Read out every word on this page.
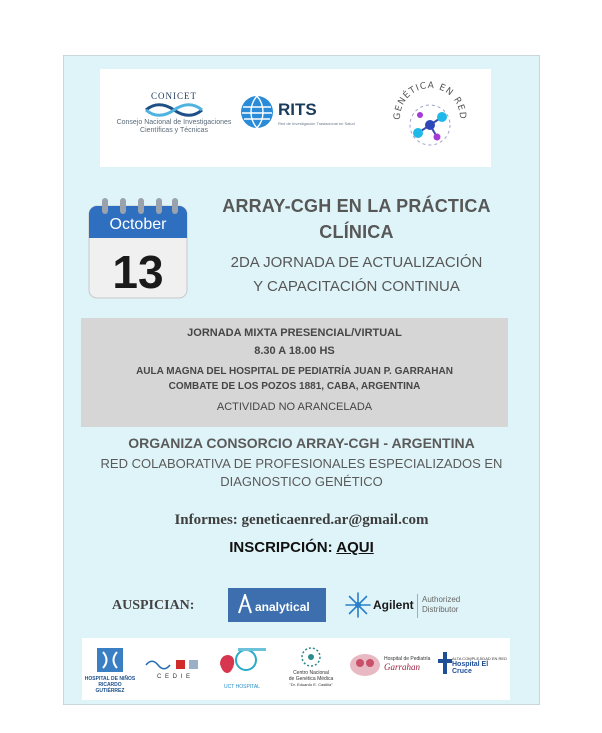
CONICET
Consejo Nacional de Investigaciones Científicas y Técnicas
RITS
Red de Investigación Traslacional en Salud
GENÉTICA EN RED
October
13
ARRAY-CGH EN LA PRÁCTICA
CLÍNICA
2DA JORNADA DE ACTUALIZACIÓN
Y CAPACITACIÓN CONTINUA
JORNADA MIXTA PRESENCIAL/VIRTUAL
8.30 A 18.00 HS
AULA MAGNA DEL HOSPITAL DE PEDIATRÍA JUAN P. GARRAHAN
COMBATE DE LOS POZOS 1881, CABA, ARGENTINA
ACTIVIDAD NO ARANCELADA
ORGANIZA CONSORCIO ARRAY-CGH - ARGENTINA
RED COLABORATIVA DE PROFESIONALES ESPECIALIZADOS EN
DIAGNOSTICO GENÉTICO
Informes: geneticaenred.ar@gmail.com
INSCRIPCIÓN: AQUI
AUSPICIAN:	analytical	Agilent Authorized
Distributor
HOSPITAL DE NIÑOS
RICARDO GUTIÉRREZ
C E D I E
UCT HOSPITAL
Centro Nacional
de Genética Médica
"Dr. Eduardo E. Castilla"
Hospital de Pediatría
Garrahan
ALTA COMPLEJIDAD EN RED
Hospital El Cruce
